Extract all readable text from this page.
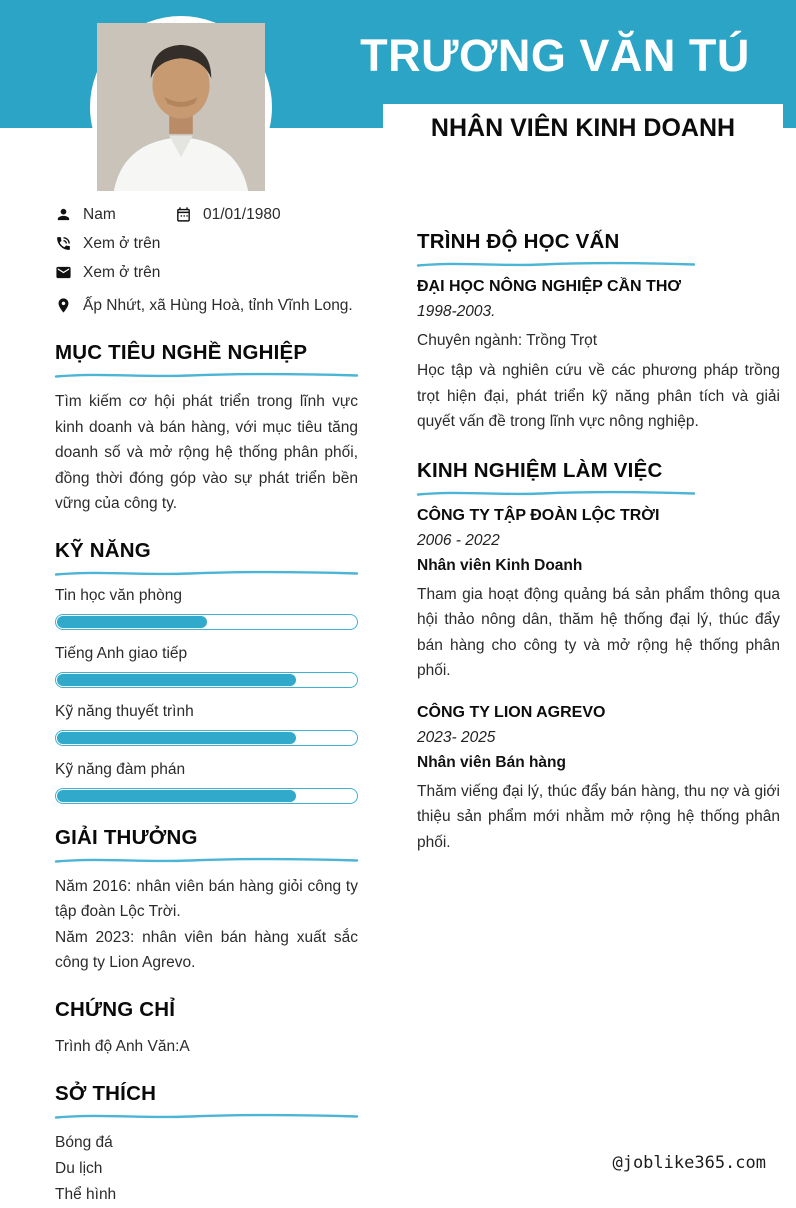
TRƯƠNG VĂN TÚ
NHÂN VIÊN KINH DOANH
Nam	01/01/1980
Xem ở trên
Xem ở trên
Ấp Nhứt, xã Hùng Hoà, tỉnh Vĩnh Long.
MỤC TIÊU NGHỀ NGHIỆP

Tìm kiếm cơ hội phát triển trong lĩnh vực kinh doanh và bán hàng, với mục tiêu tăng doanh số và mở rộng hệ thống phân phối, đồng thời đóng góp vào sự phát triển bền vững của công ty.

KỸ NĂNG
Tin học văn phòng
Tiếng Anh giao tiếp
Kỹ năng thuyết trình
Kỹ năng đàm phán
GIẢI THƯỞNG

Năm 2016: nhân viên bán hàng giỏi công ty tập đoàn Lộc Trời.

Năm 2023: nhân viên bán hàng xuất sắc công ty Lion Agrevo.

CHỨNG CHỈ
Trình độ Anh Văn:A
SỞ THÍCH
Bóng đá
Du lịch
Thể hình
TRÌNH ĐỘ HỌC VẤN
ĐẠI HỌC NÔNG NGHIỆP CẦN THƠ
1998-2003.
Chuyên ngành: Trồng Trọt

Học tập và nghiên cứu về các phương pháp trồng trọt hiện đại, phát triển kỹ năng phân tích và giải quyết vấn đề trong lĩnh vực nông nghiệp.

KINH NGHIỆM LÀM VIỆC
CÔNG TY TẬP ĐOÀN LỘC TRỜI
2006 - 2022
Nhân viên Kinh Doanh

Tham gia hoạt động quảng bá sản phẩm thông qua hội thảo nông dân, thăm hệ thống đại lý, thúc đẩy bán hàng cho công ty và mở rộng hệ thống phân phối.

CÔNG TY LION AGREVO
2023- 2025
Nhân viên Bán hàng

Thăm viếng đại lý, thúc đẩy bán hàng, thu nợ và giới thiệu sản phẩm mới nhằm mở rộng hệ thống phân phối.

@joblike365.com
